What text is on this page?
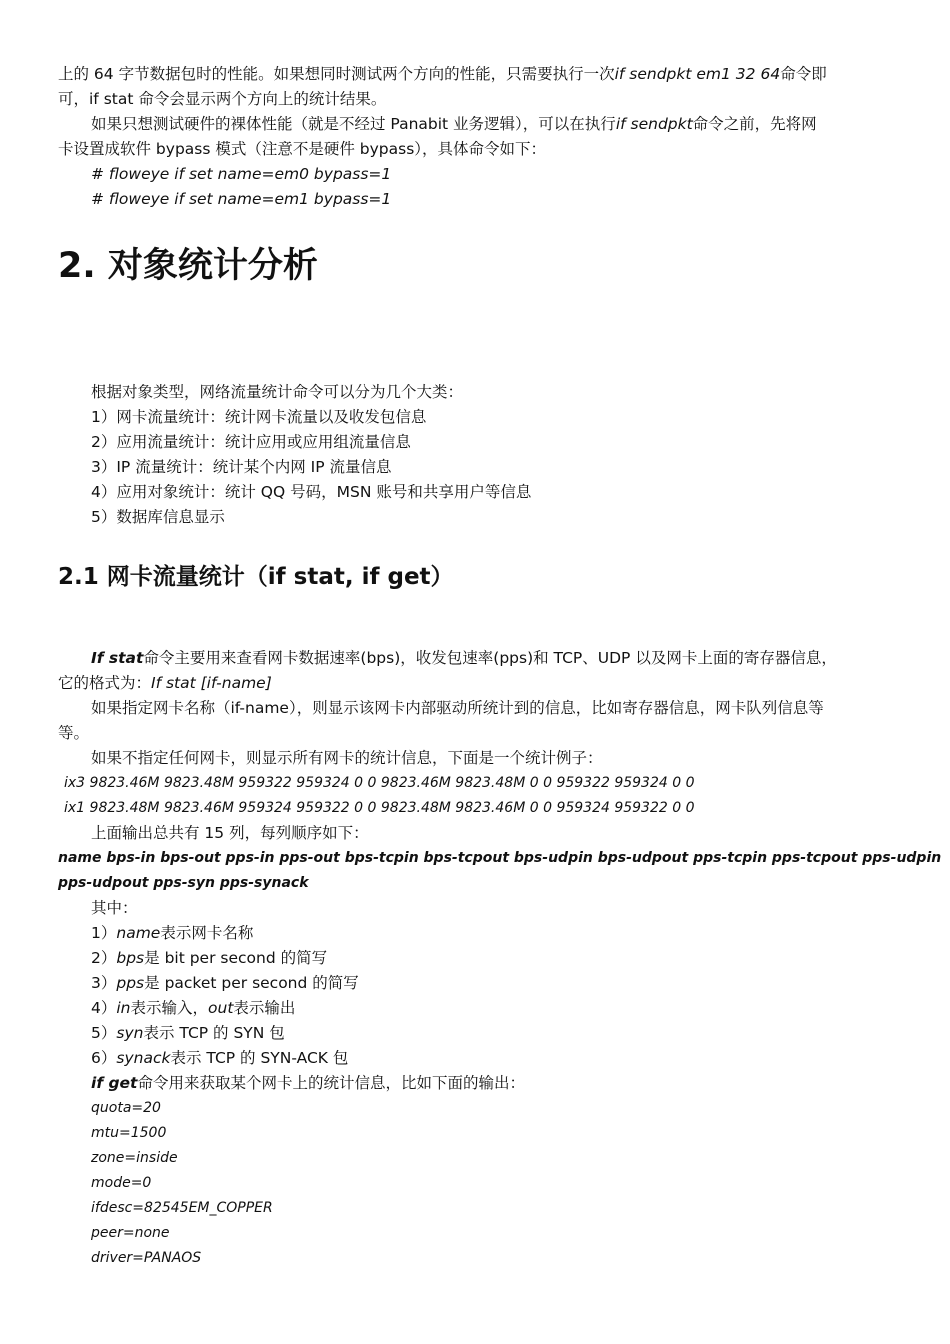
上的 64 字节数据包时的性能。如果想同时测试两个方向的性能，只需要执行一次if sendpkt em1 32 64命令即
可，if stat 命令会显示两个方向上的统计结果。
如果只想测试硬件的裸体性能（就是不经过 Panabit 业务逻辑），可以在执行if sendpkt命令之前，先将网
卡设置成软件 bypass 模式（注意不是硬件 bypass），具体命令如下：
# floweye if set name=em0 bypass=1
# floweye if set name=em1 bypass=1
2. 对象统计分析
根据对象类型，网络流量统计命令可以分为几个大类：
1）网卡流量统计：统计网卡流量以及收发包信息
2）应用流量统计：统计应用或应用组流量信息
3）IP 流量统计：统计某个内网 IP 流量信息
4）应用对象统计：统计 QQ 号码，MSN 账号和共享用户等信息
5）数据库信息显示
2.1 网卡流量统计（if stat, if get）
If stat命令主要用来查看网卡数据速率(bps)，收发包速率(pps)和 TCP、UDP 以及网卡上面的寄存器信息，
它的格式为：If stat [if-name]
如果指定网卡名称（if-name），则显示该网卡内部驱动所统计到的信息，比如寄存器信息，网卡队列信息等
等。
如果不指定任何网卡，则显示所有网卡的统计信息，下面是一个统计例子：
ix3 9823.46M 9823.48M 959322 959324 0 0 9823.46M 9823.48M 0 0 959322 959324 0 0
ix1 9823.48M 9823.46M 959324 959322 0 0 9823.48M 9823.46M 0 0 959324 959322 0 0
上面输出总共有 15 列，每列顺序如下：
name bps-in bps-out pps-in pps-out bps-tcpin bps-tcpout bps-udpin bps-udpout pps-tcpin pps-tcpout pps-udpin
pps-udpout pps-syn pps-synack
其中：
1）name表示网卡名称
2）bps是 bit per second 的简写
3）pps是 packet per second 的简写
4）in表示输入，out表示输出
5）syn表示 TCP 的 SYN 包
6）synack表示 TCP 的 SYN-ACK 包
if get命令用来获取某个网卡上的统计信息，比如下面的输出：
quota=20
mtu=1500
zone=inside
mode=0
ifdesc=82545EM_COPPER
peer=none
driver=PANAOS
